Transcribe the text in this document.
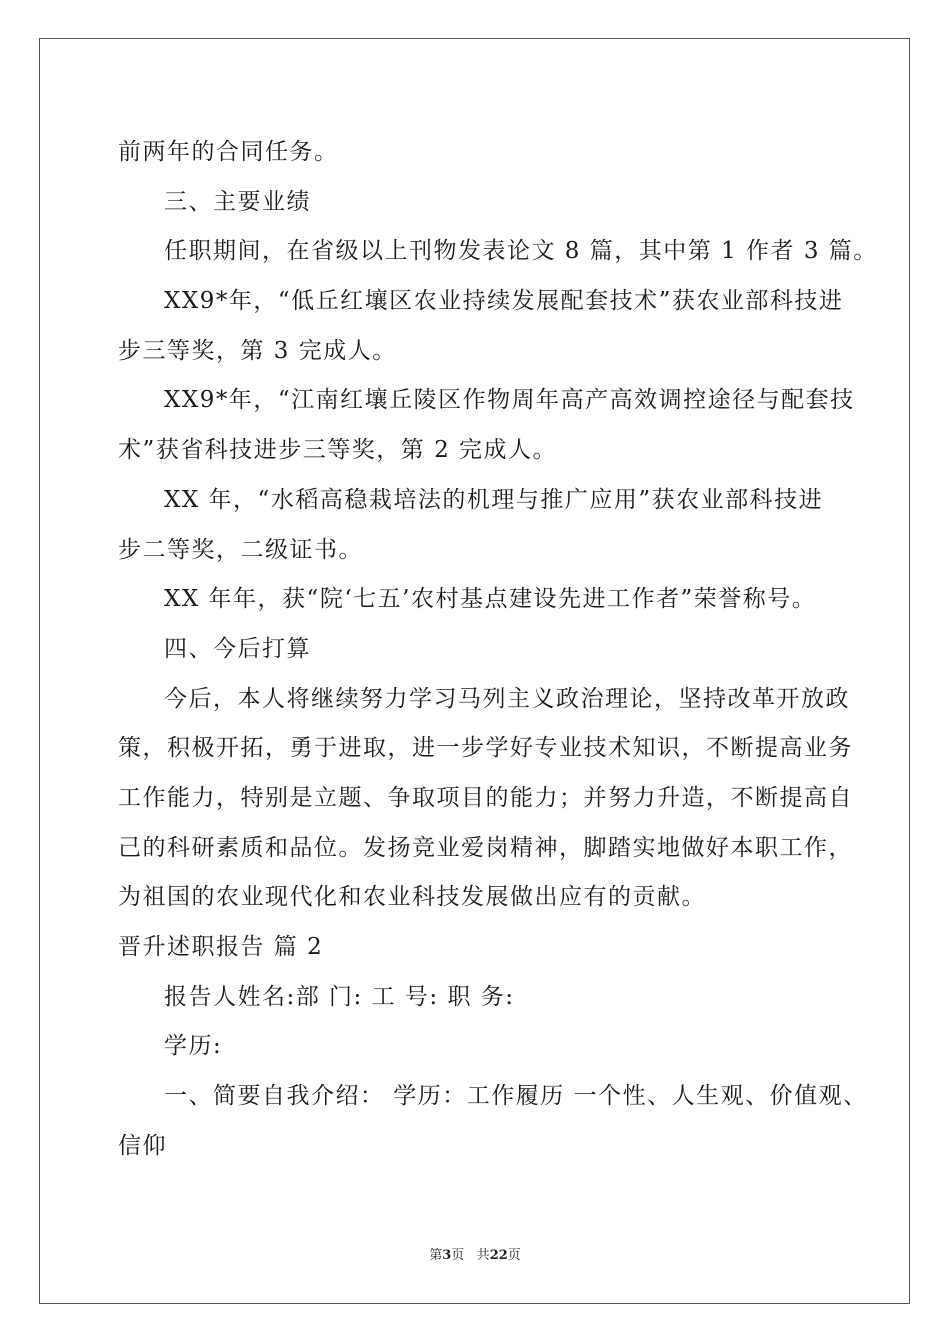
前两年的合同任务。
三、主要业绩
任职期间，在省级以上刊物发表论文 8 篇，其中第 1 作者 3 篇。
XX9*年，“低丘红壤区农业持续发展配套技术”获农业部科技进
步三等奖，第 3 完成人。
XX9*年，“江南红壤丘陵区作物周年高产高效调控途径与配套技
术”获省科技进步三等奖，第 2 完成人。
XX 年，“水稻高稳栽培法的机理与推广应用”获农业部科技进
步二等奖，二级证书。
XX 年年，获“院‘七五’农村基点建设先进工作者”荣誉称号。
四、今后打算
今后，本人将继续努力学习马列主义政治理论，坚持改革开放政
策，积极开拓，勇于进取，进一步学好专业技术知识，不断提高业务
工作能力，特别是立题、争取项目的能力；并努力升造，不断提高自
己的科研素质和品位。发扬竞业爱岗精神，脚踏实地做好本职工作，
为祖国的农业现代化和农业科技发展做出应有的贡献。
晋升述职报告 篇 2
报告人姓名:部 门: 工 号: 职 务:
学历:
一、简要自我介绍： 学历：工作履历 一个性、人生观、价值观、
信仰
第3页 共22页
